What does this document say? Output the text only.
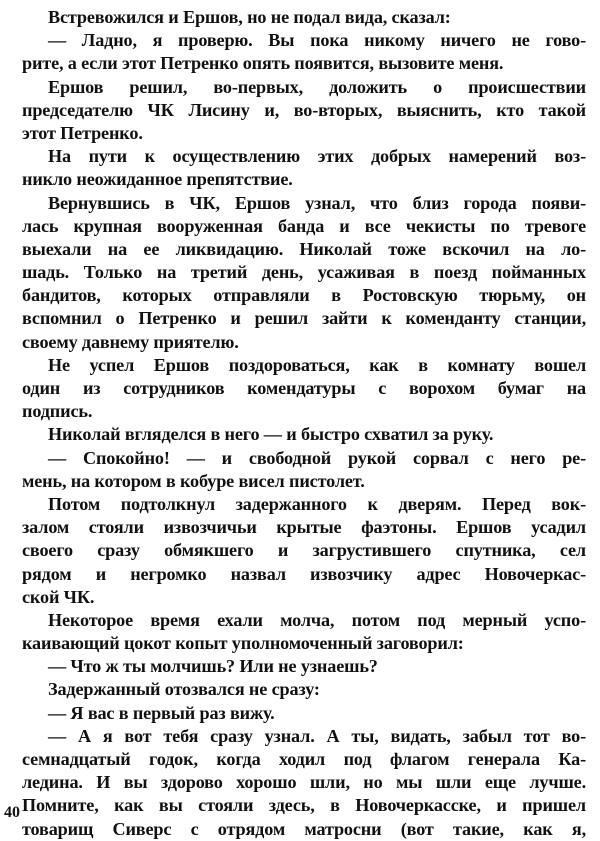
Встревожился и Ершов, но не подал вида, сказал:
— Ладно, я проверю. Вы пока никому ничего не гово-
рите, а если этот Петренко опять появится, вызовите меня.
Ершов решил, во-первых, доложить о происшествии
председателю ЧК Лисину и, во-вторых, выяснить, кто такой
этот Петренко.
На пути к осуществлению этих добрых намерений воз-
никло неожиданное препятствие.
Вернувшись в ЧК, Ершов узнал, что близ города появи-
лась крупная вооруженная банда и все чекисты по тревоге
выехали на ее ликвидацию. Николай тоже вскочил на ло-
шадь. Только на третий день, усаживая в поезд пойманных
бандитов, которых отправляли в Ростовскую тюрьму, он
вспомнил о Петренко и решил зайти к коменданту станции,
своему давнему приятелю.
Не успел Ершов поздороваться, как в комнату вошел
один из сотрудников комендатуры с ворохом бумаг на
подпись.
Николай вгляделся в него — и быстро схватил за руку.
— Спокойно! — и свободной рукой сорвал с него ре-
мень, на котором в кобуре висел пистолет.
Потом подтолкнул задержанного к дверям. Перед вок-
залом стояли извозчичьи крытые фаэтоны. Ершов усадил
своего сразу обмякшего и загрустившего спутника, сел
рядом и негромко назвал извозчику адрес Новочеркас-
ской ЧК.
Некоторое время ехали молча, потом под мерный успо-
каивающий цокот копыт уполномоченный заговорил:
— Что ж ты молчишь? Или не узнаешь?
Задержанный отозвался не сразу:
— Я вас в первый раз вижу.
— А я вот тебя сразу узнал. А ты, видать, забыл тот во-
семнадцатый годок, когда ходил под флагом генерала Ка-
ледина. И вы здорово хорошо шли, но мы шли еще лучше.
Помните, как вы стояли здесь, в Новочеркасске, и пришел
товарищ Сиверс с отрядом матросни (вот такие, как я,
40
